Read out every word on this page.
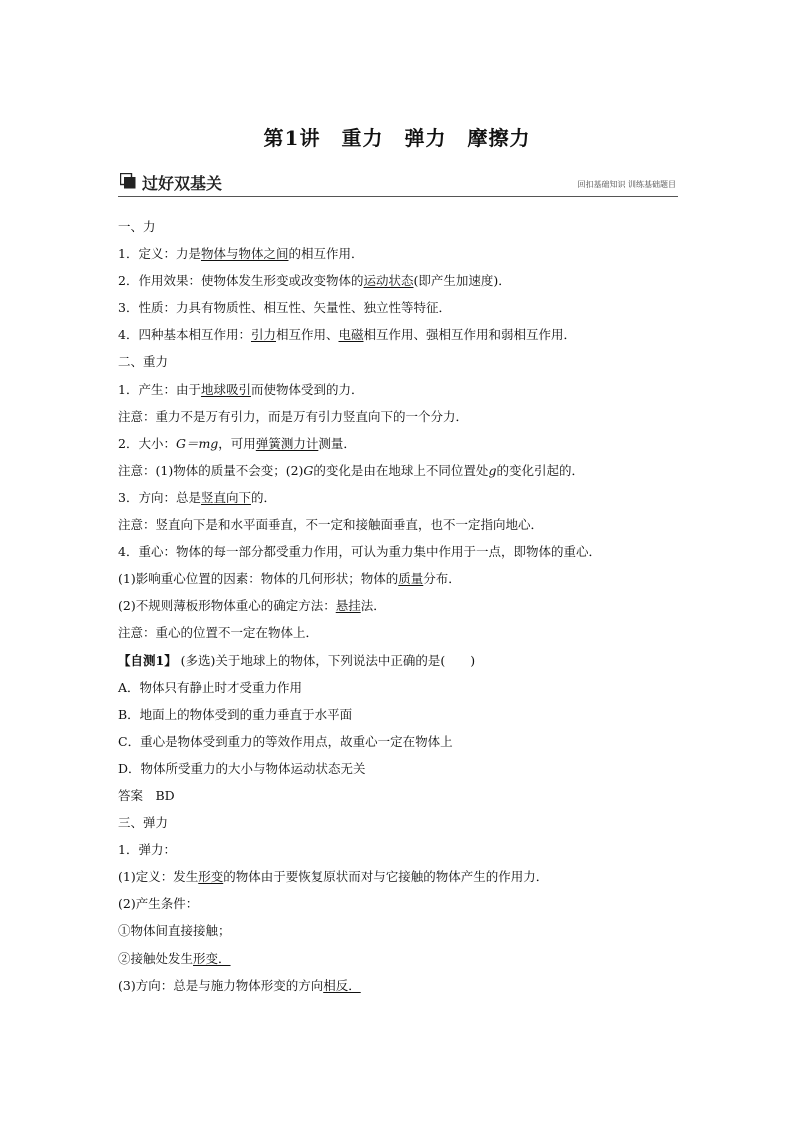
第1讲　重力　弹力　摩擦力
过好双基关	回扣基础知识 训练基础题目
一、力
1．定义：力是物体与物体之间的相互作用．
2．作用效果：使物体发生形变或改变物体的运动状态(即产生加速度)．
3．性质：力具有物质性、相互性、矢量性、独立性等特征．
4．四种基本相互作用：引力相互作用、电磁相互作用、强相互作用和弱相互作用．
二、重力
1．产生：由于地球吸引而使物体受到的力．
注意：重力不是万有引力，而是万有引力竖直向下的一个分力．
2．大小：G＝mg，可用弹簧测力计测量．
注意：(1)物体的质量不会变；(2)G的变化是由在地球上不同位置处g的变化引起的．
3．方向：总是竖直向下的．
注意：竖直向下是和水平面垂直，不一定和接触面垂直，也不一定指向地心．
4．重心：物体的每一部分都受重力作用，可认为重力集中作用于一点，即物体的重心．
(1)影响重心位置的因素：物体的几何形状；物体的质量分布．
(2)不规则薄板形物体重心的确定方法：悬挂法．
注意：重心的位置不一定在物体上．
【自测1】 (多选)关于地球上的物体，下列说法中正确的是(　　)
A．物体只有静止时才受重力作用
B．地面上的物体受到的重力垂直于水平面
C．重心是物体受到重力的等效作用点，故重心一定在物体上
D．物体所受重力的大小与物体运动状态无关
答案　BD
三、弹力
1．弹力：
(1)定义：发生形变的物体由于要恢复原状而对与它接触的物体产生的作用力．
(2)产生条件：
①物体间直接接触；
②接触处发生形变．
(3)方向：总是与施力物体形变的方向相反．
